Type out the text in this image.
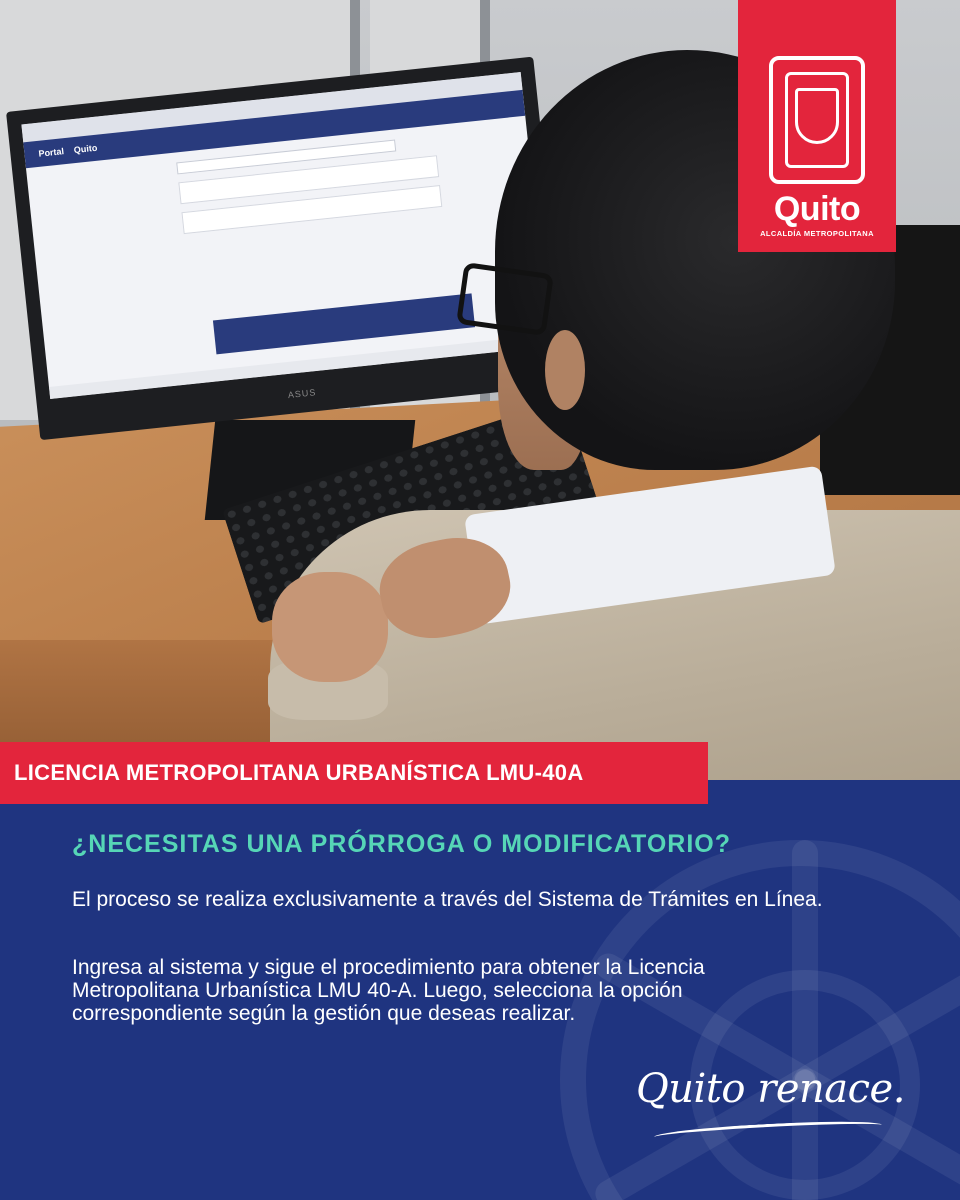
Portal Quito
ASUS
Quito
ALCALDÍA METROPOLITANA
LICENCIA METROPOLITANA URBANÍSTICA LMU-40A
¿NECESITAS UNA PRÓRROGA O MODIFICATORIO?

El proceso se realiza exclusivamente a través del Sistema de Trámites en Línea.

Ingresa al sistema y sigue el procedimiento para obtener la Licencia Metropolitana Urbanística LMU 40-A. Luego, selecciona la opción correspondiente según la gestión que deseas realizar.

Quito renace.
